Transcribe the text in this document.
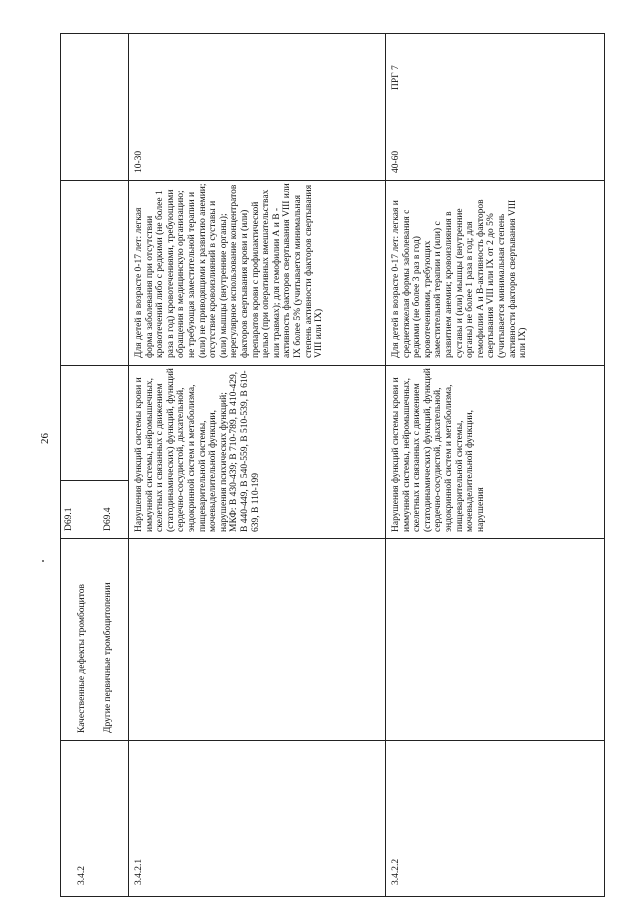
26
3.4.2
Качественные дефекты тромбоцитов Другие первичные тромбоцитопении
D69.1	D69.4
3.4.2.1
Нарушения функций системы крови и иммунной системы, нейромышечных, скелетных и связанных с движением (статодинамических) функций, функций сердечно-сосудистой, дыхательной, эндокринной систем и метаболизма, пищеварительной системы, мочевыделительной функции, нарушения психических функций; МКФ: В 430-439; В 710-789, В 410-429, В 440-449, В 540-559, В 510-539, В 610-639, В 110-199
Для детей в возрасте 0-17 лет: легкая форма заболевания при отсутствии кровотечений либо с редкими (не более 1 раза в год) кровотечениями, требующими обращения в медицинскую организацию; не требующая заместительной терапии и (или) не приводящими к развитию анемии; отсутствие кровоизлияний в суставы и (или) мышцы (внутренние органы); нерегулярное использование концентратов факторов свертывания крови и (или) препаратов крови с профилактической целью (при оперативных вмешательствах или травмах); для гемофилии А и В - активность факторов свертывания VIII или IX более 5% (учитывается минимальная степень активности факторов свертывания VIII или IX)
10-30
3.4.2.2
Нарушения функций системы крови и иммунной системы, нейромышечных, скелетных и связанных с движением (статодинамических) функций, функций сердечно-сосудистой, дыхательной, эндокринной систем и метаболизма, пищеварительной системы, мочевыделительной функции, нарушения
Для детей в возрасте 0-17 лет: легкая и среднетяжелая формы заболевания с редкими (не более 3 раз в год) кровотечениями, требующих заместительной терапии и (или) с развитием анемии; кровоизлияния в суставы и (или) мышцы (внутренние органы) не более 1 раза в год; для гемофилии А и В-активность факторов свертывания VIII или IX от 2 до 5% (учитывается минимальная степень активности факторов свертывания VIII или IX)
40-60
ПРГ 7
